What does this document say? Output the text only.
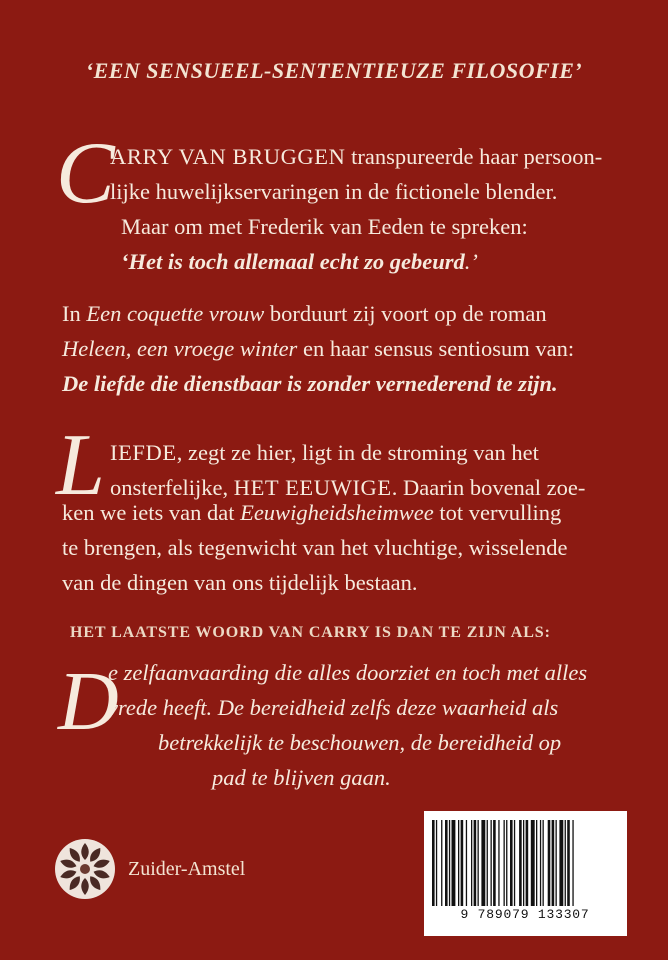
‘EEN SENSUEEL-SENTENTIEUZE FILOSOFIE’
C
ARRY VAN BRUGGEN transpureerde haar persoon-
lijke huwelijkservaringen in de fictionele blender.
Maar om met Frederik van Eeden te spreken:
‘Het is toch allemaal echt zo gebeurd.’
In Een coquette vrouw borduurt zij voort op de roman
Heleen, een vroege winter en haar sensus sentiosum van:
De liefde die dienstbaar is zonder vernederend te zijn.
L IEFDE, zegt ze hier, ligt in de stroming van het
onsterfelijke, HET EEUWIGE. Daarin bovenal zoe-
ken we iets van dat Eeuwigheidsheimwee tot vervulling
te brengen, als tegenwicht van het vluchtige, wisselende
van de dingen van ons tijdelijk bestaan.
HET LAATSTE WOORD VAN CARRY IS DAN TE ZIJN ALS:
D
e zelfaanvaarding die alles doorziet en toch met alles
vrede heeft. De bereidheid zelfs deze waarheid als
betrekkelijk te beschouwen, de bereidheid op
pad te blijven gaan.
Zuider-Amstel
9 789079 133307
